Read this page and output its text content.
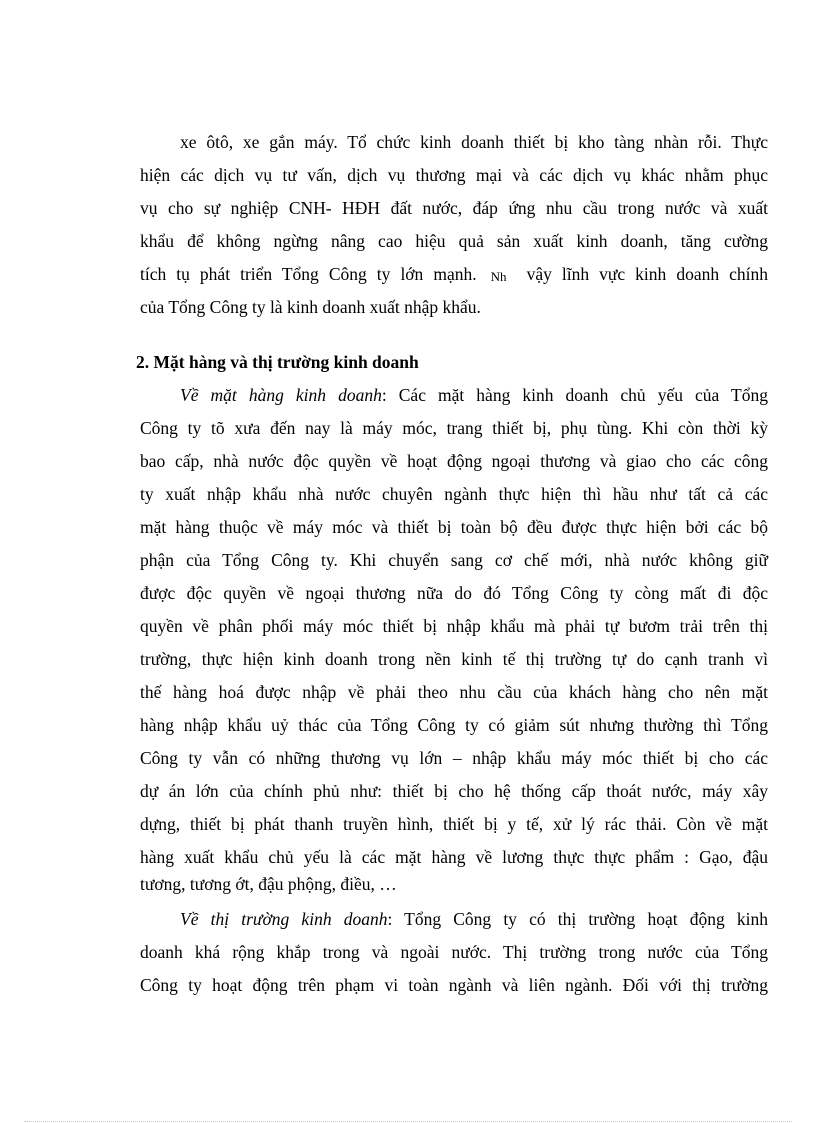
xe ôtô, xe gắn máy. Tổ chức kinh doanh thiết bị kho tàng nhàn rỗi. Thực
hiện các dịch vụ tư vấn, dịch vụ thương mại và các dịch vụ khác nhằm phục
vụ cho sự nghiệp CNH- HĐH đất nước, đáp ứng nhu cầu trong nước và xuất
khẩu để không ngừng nâng cao hiệu quả sản xuất kinh doanh, tăng cường
tích tụ phát triển Tổng Công ty lớn mạnh. Nh vậy lĩnh vực kinh doanh chính
của Tổng Công ty là kinh doanh xuất nhập khẩu.
2. Mặt hàng và thị trường kinh doanh
Về mặt hàng kinh doanh: Các mặt hàng kinh doanh chủ yếu của Tổng
Công ty tõ xưa đến nay là máy móc, trang thiết bị, phụ tùng. Khi còn thời kỳ
bao cấp, nhà nước độc quyền về hoạt động ngoại thương và giao cho các công
ty xuất nhập khẩu nhà nước chuyên ngành thực hiện thì hầu như tất cả các
mặt hàng thuộc về máy móc và thiết bị toàn bộ đều được thực hiện bởi các bộ
phận của Tổng Công ty. Khi chuyển sang cơ chế mới, nhà nước không giữ
được độc quyền về ngoại thương nữa do đó Tổng Công ty còng mất đi độc
quyền về phân phối máy móc thiết bị nhập khẩu mà phải tự bươm trải trên thị
trường, thực hiện kinh doanh trong nền kinh tế thị trường tự do cạnh tranh vì
thế hàng hoá được nhập về phải theo nhu cầu của khách hàng cho nên mặt
hàng nhập khẩu uỷ thác của Tổng Công ty có giảm sút nhưng thường thì Tổng
Công ty vẫn có những thương vụ lớn – nhập khẩu máy móc thiết bị cho các
dự án lớn của chính phủ như: thiết bị cho hệ thống cấp thoát nước, máy xây
dựng, thiết bị phát thanh truyền hình, thiết bị y tế, xử lý rác thải. Còn về mặt
hàng xuất khẩu chủ yếu là các mặt hàng về lương thực thực phẩm : Gạo, đậu
tương, tương ớt, đậu phộng, điều, …
Về thị trường kinh doanh: Tổng Công ty có thị trường hoạt động kinh
doanh khá rộng khắp trong và ngoài nước. Thị trường trong nước của Tổng
Công ty hoạt động trên phạm vi toàn ngành và liên ngành. Đối với thị trường
